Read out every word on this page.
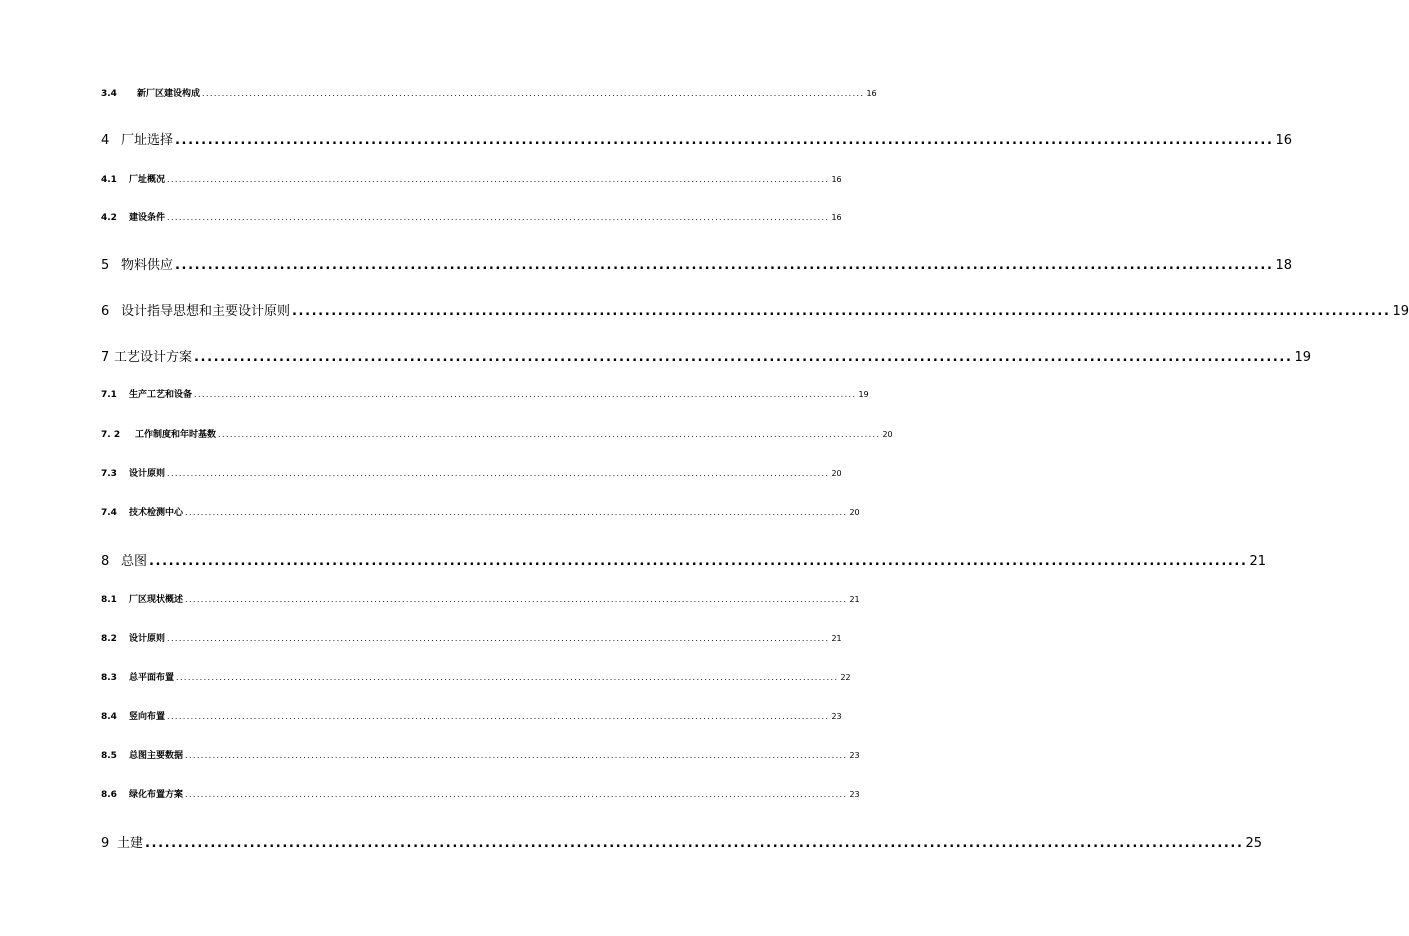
3.4	新厂区建设构成 ........................................................................................................................................................................ 16
4 厂址选择 ........................................................................................................................................................................ 16
4.1	厂址概况 ........................................................................................................................................................................ 16
4.2	建设条件 ........................................................................................................................................................................ 16
5 物料供应 ........................................................................................................................................................................ 18
6 设计指导思想和主要设计原则 ........................................................................................................................................................................ 19
7 工艺设计方案 ........................................................................................................................................................................ 19
7.1	生产工艺和设备 ........................................................................................................................................................................ 19
7. 2	工作制度和年时基数 ........................................................................................................................................................................ 20
7.3	设计原则 ........................................................................................................................................................................ 20
7.4	技术检测中心 ........................................................................................................................................................................ 20
8 总图 ........................................................................................................................................................................ 21
8.1	厂区现状概述 ........................................................................................................................................................................ 21
8.2	设计原则 ........................................................................................................................................................................ 21
8.3	总平面布置 ........................................................................................................................................................................ 22
8.4	竖向布置 ........................................................................................................................................................................ 23
8.5	总图主要数据 ........................................................................................................................................................................ 23
8.6	绿化布置方案 ........................................................................................................................................................................ 23
9 土建 ........................................................................................................................................................................ 25
